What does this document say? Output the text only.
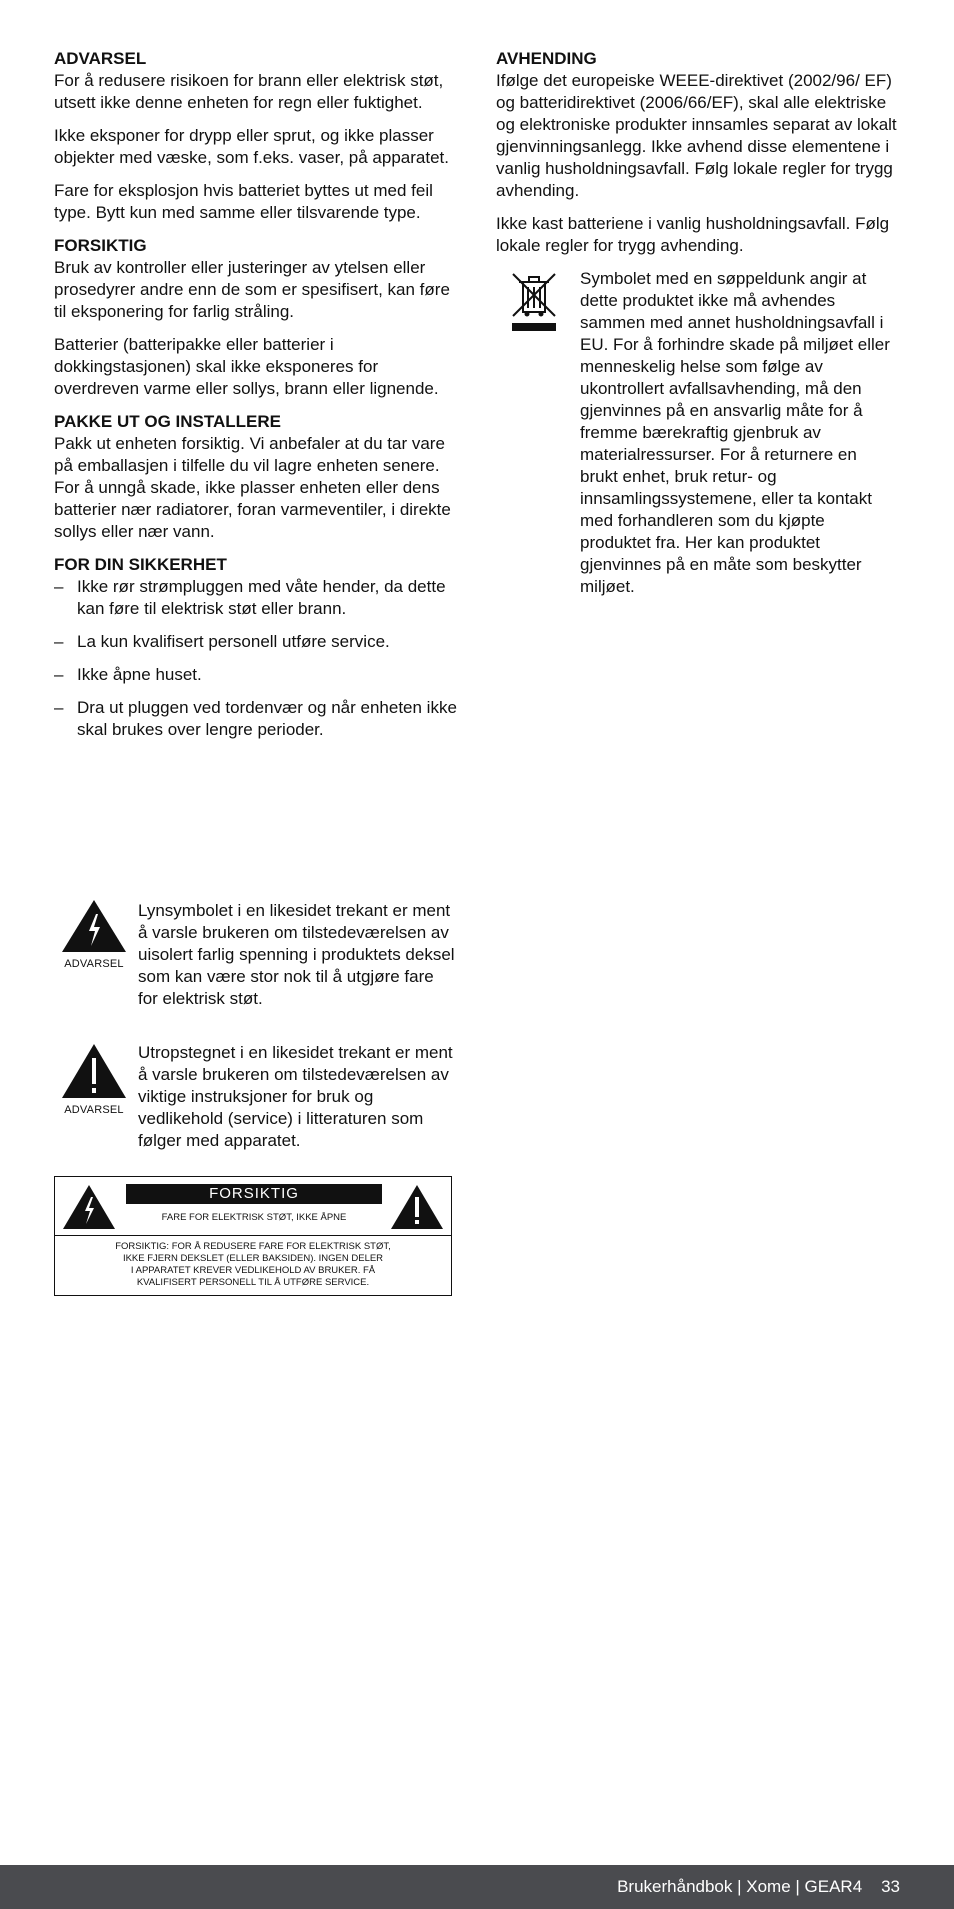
ADVARSEL

For å redusere risikoen for brann eller elektrisk støt, utsett ikke denne enheten for regn eller fuktighet.

Ikke eksponer for drypp eller sprut, og ikke plasser objekter med væske, som f.eks. vaser, på apparatet.

Fare for eksplosjon hvis batteriet byttes ut med feil type. Bytt kun med samme eller tilsvarende type.

FORSIKTIG

Bruk av kontroller eller justeringer av ytelsen eller prosedyrer andre enn de som er spesifisert, kan føre til eksponering for farlig stråling.

Batterier (batteripakke eller batterier i dokkingstasjonen) skal ikke eksponeres for overdreven varme eller sollys, brann eller lignende.

PAKKE UT OG INSTALLERE

Pakk ut enheten forsiktig. Vi anbefaler at du tar vare på emballasjen i tilfelle du vil lagre enheten senere. For å unngå skade, ikke plasser enheten eller dens batterier nær radiatorer, foran varmeventiler, i direkte sollys eller nær vann.

FOR DIN SIKKERHET
– Ikke rør strømpluggen med våte hender, da dette kan føre til elektrisk støt eller brann.
– La kun kvalifisert personell utføre service.
– Ikke åpne huset.
– Dra ut pluggen ved tordenvær og når enheten ikke skal brukes over lengre perioder.
AVHENDING

Ifølge det europeiske WEEE-direktivet (2002/96/ EF) og batteridirektivet (2006/66/EF), skal alle elektriske og elektroniske produkter innsamles separat av lokalt gjenvinningsanlegg. Ikke avhend disse elementene i vanlig husholdningsavfall. Følg lokale regler for trygg avhending.

Ikke kast batteriene i vanlig husholdningsavfall. Følg lokale regler for trygg avhending.

Symbolet med en søppeldunk angir at dette produktet ikke må avhendes sammen med annet husholdningsavfall i EU. For å forhindre skade på miljøet eller menneskelig helse som følge av ukontrollert avfallsavhending, må den gjenvinnes på en ansvarlig måte for å fremme bærekraftig gjenbruk av materialressurser. For å returnere en brukt enhet, bruk retur- og innsamlingssystemene, eller ta kontakt med forhandleren som du kjøpte produktet fra. Her kan produktet gjenvinnes på en måte som beskytter miljøet.

ADVARSEL

Lynsymbolet i en likesidet trekant er ment å varsle brukeren om tilstedeværelsen av uisolert farlig spenning i produktets deksel som kan være stor nok til å utgjøre fare for elektrisk støt.

ADVARSEL

Utropstegnet i en likesidet trekant er ment å varsle brukeren om tilstedeværelsen av viktige instruksjoner for bruk og vedlikehold (service) i litteraturen som følger med apparatet.

FORSIKTIG
FARE FOR ELEKTRISK STØT, IKKE ÅPNE
FORSIKTIG: FOR Å REDUSERE FARE FOR ELEKTRISK STØT,
IKKE FJERN DEKSLET (ELLER BAKSIDEN). INGEN DELER
I APPARATET KREVER VEDLIKEHOLD AV BRUKER. FÅ
KVALIFISERT PERSONELL TIL Å UTFØRE SERVICE.
Brukerhåndbok | Xome | GEAR4 33
